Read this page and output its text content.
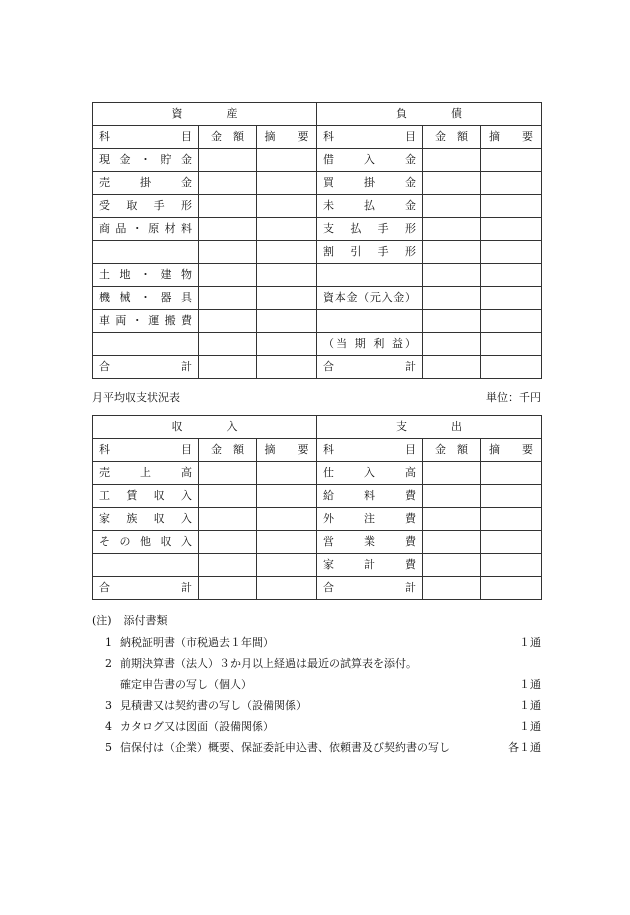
資　　　　産			負　　　　債		

科 目	金　額	摘　　要	科 目	金　額	摘　　要
現 金 ・ 貯 金			借　　入　　金		
売　　掛　　金			買　　掛　　金		
受　取　手　形			未　　払　　金		
商品・原材料			支　払　手　形		
			割　引　手　形		
土 地 ・ 建 物					
機 械 ・ 器 具			資本金（元入金）		
車両・運搬費					
			（当 期 利 益）		
合　　　　　計			合　　　　　計		
月平均収支状況表	単位：千円
収　　　　入			支　　　　出		

科 目	金　額	摘　　要	科 目	金　額	摘　　要
売　　上　　高			仕　　入　　高		
工　賃　収　入			給　　料　　費		
家　族　収　入			外　　注　　費		
そ の 他 収 入			営　　業　　費		
			家　　計　　費		
合　　　　　計			合　　　　　計		
(注) 添付書類
1 納税証明書（市税過去１年間）	１通
2 前期決算書（法人）３か月以上経過は最近の試算表を添付。
確定申告書の写し（個人）	１通
3 見積書又は契約書の写し（設備関係）	１通
4 カタログ又は図面（設備関係）	１通
5 信保付は（企業）概要、保証委託申込書、依頼書及び契約書の写し	各１通
